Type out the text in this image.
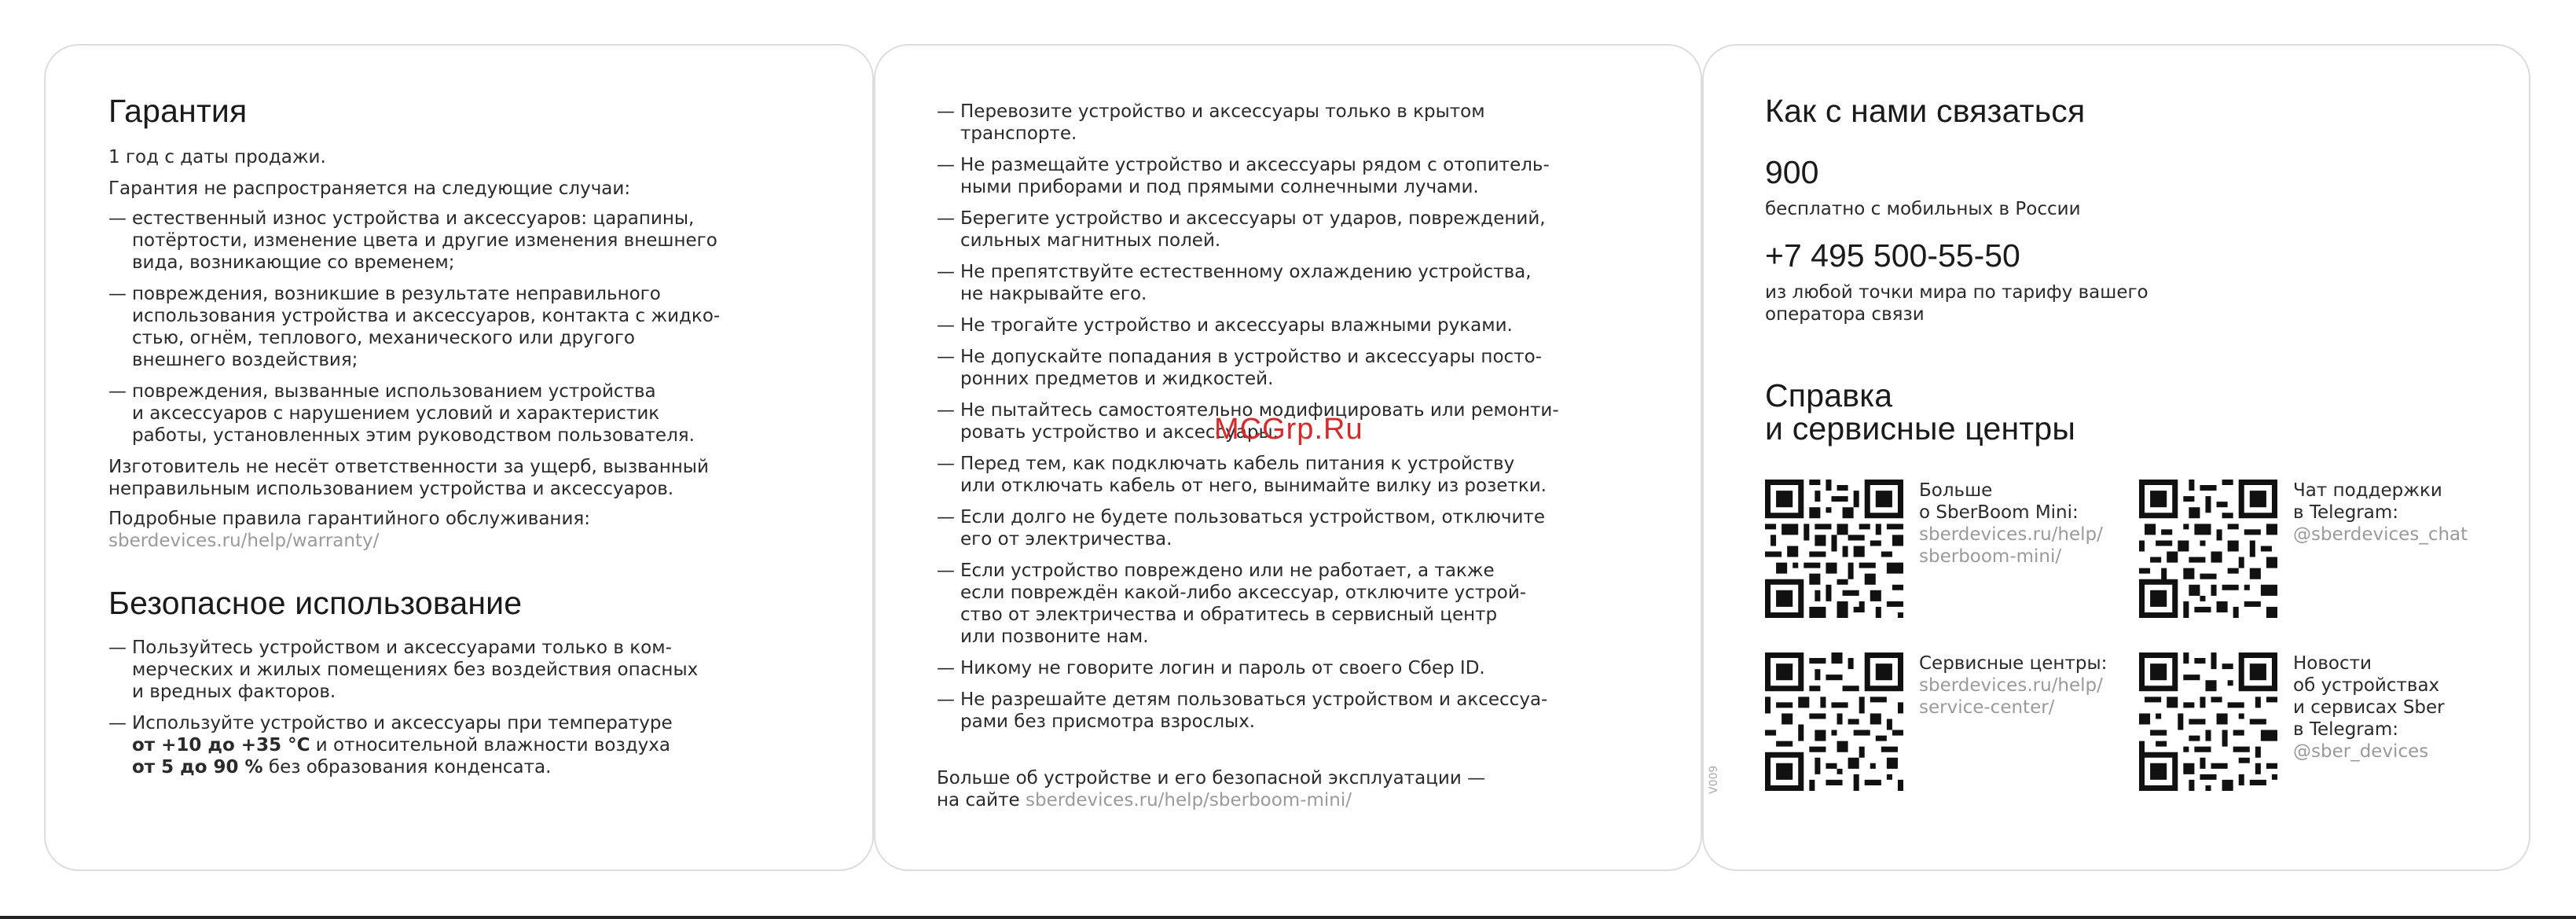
Гарантия

1 год с даты продажи.

Гарантия не распространяется на следующие случаи:

— естественный износ устройства и аксессуаров: царапины,
потёртости, изменение цвета и другие изменения внешнего
вида, возникающие со временем;
— повреждения, возникшие в результате неправильного
использования устройства и аксессуаров, контакта с жидко-
стью, огнём, теплового, механического или другого
внешнего воздействия;
— повреждения, вызванные использованием устройства
и аксессуаров с нарушением условий и характеристик
работы, установленных этим руководством пользователя.

Изготовитель не несёт ответственности за ущерб, вызванный
неправильным использованием устройства и аксессуаров.

Подробные правила гарантийного обслуживания:
sberdevices.ru/help/warranty/

Безопасное использование
— Пользуйтесь устройством и аксессуарами только в ком-
мерческих и жилых помещениях без воздействия опасных
и вредных факторов.
— Используйте устройство и аксессуары при температуре
от +10 до +35 °С и относительной влажности воздуха
от 5 до 90 % без образования конденсата.
— Перевозите устройство и аксессуары только в крытом
транспорте.
— Не размещайте устройство и аксессуары рядом с отопитель-
ными приборами и под прямыми солнечными лучами.
— Берегите устройство и аксессуары от ударов, повреждений,
сильных магнитных полей.
— Не препятствуйте естественному охлаждению устройства,
не накрывайте его.
— Не трогайте устройство и аксессуары влажными руками.
— Не допускайте попадания в устройство и аксессуары посто-
ронних предметов и жидкостей.
— Не пытайтесь самостоятельно модифицировать или ремонти-
ровать устройство и аксессуары.
— Перед тем, как подключать кабель питания к устройству
или отключать кабель от него, вынимайте вилку из розетки.
— Если долго не будете пользоваться устройством, отключите
его от электричества.
— Если устройство повреждено или не работает, а также
если повреждён какой-либо аксессуар, отключите устрой-
ство от электричества и обратитесь в сервисный центр
или позвоните нам.
— Никому не говорите логин и пароль от своего Сбер ID.
— Не разрешайте детям пользоваться устройством и аксессуа-
рами без присмотра взрослых.

Больше об устройстве и его безопасной эксплуатации —
на сайте sberdevices.ru/help/sberboom-mini/

Как с нами связаться
900

бесплатно с мобильных в России

+7 495 500-55-50

из любой точки мира по тарифу вашего
оператора связи

Справка
и сервисные центры
Больше
о SberBoom Mini:
sberdevices.ru/help/
sberboom-mini/
Чат поддержки
в Telegram:
@sberdevices_chat
Сервисные центры:
sberdevices.ru/help/
service-center/
Новости
об устройствах
и сервисах Sber
в Telegram:
@sber_devices
V009
MCGrp.Ru
